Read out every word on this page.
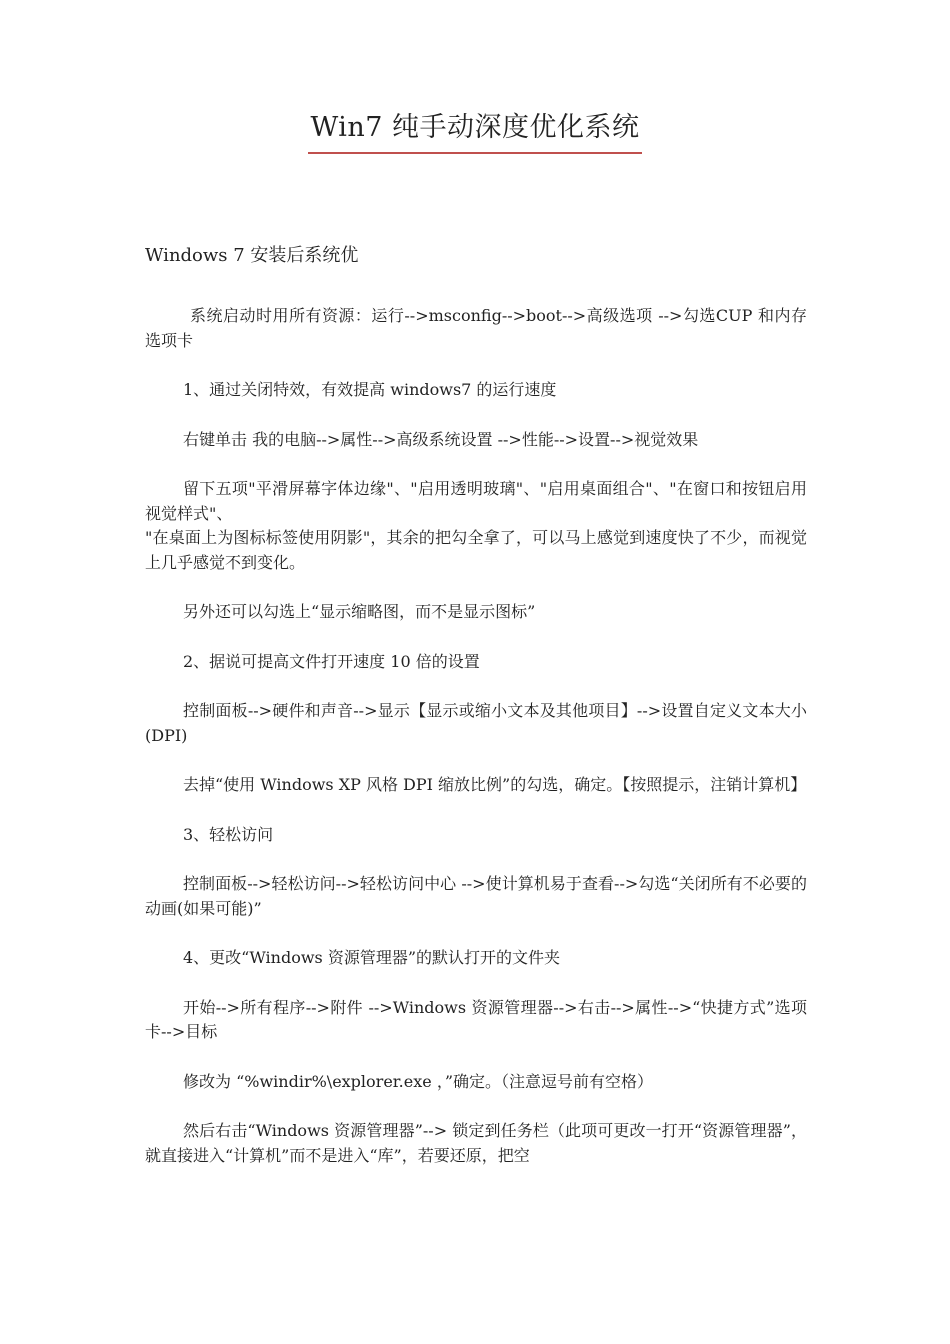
Win7 纯手动深度优化系统
Windows 7 安装后系统优

系统启动时用所有资源：运行-->msconfig-->boot-->高级选项 -->勾选CUP 和内存选项卡

1、通过关闭特效，有效提高 windows7 的运行速度

右键单击 我的电脑-->属性-->高级系统设置 -->性能-->设置-->视觉效果

留下五项"平滑屏幕字体边缘"、"启用透明玻璃"、"启用桌面组合"、"在窗口和按钮启用视觉样式"、

"在桌面上为图标标签使用阴影"，其余的把勾全拿了，可以马上感觉到速度快了不少，而视觉上几乎感觉不到变化。

另外还可以勾选上“显示缩略图，而不是显示图标”

2、据说可提高文件打开速度 10 倍的设置

控制面板-->硬件和声音-->显示【显示或缩小文本及其他项目】-->设置自定义文本大小(DPI)

去掉“使用 Windows XP 风格 DPI 缩放比例”的勾选，确定。【按照提示，注销计算机】

3、轻松访问

控制面板-->轻松访问-->轻松访问中心 -->使计算机易于查看-->勾选“关闭所有不必要的动画(如果可能)”

4、更改“Windows 资源管理器”的默认打开的文件夹

开始-->所有程序-->附件 -->Windows 资源管理器-->右击-->属性-->“快捷方式”选项卡-->目标

修改为 “%windir%\explorer.exe ，”确定。（注意逗号前有空格）

然后右击“Windows 资源管理器”--> 锁定到任务栏（此项可更改一打开“资源管理器”，就直接进入“计算机”而不是进入“库”，若要还原，把空
